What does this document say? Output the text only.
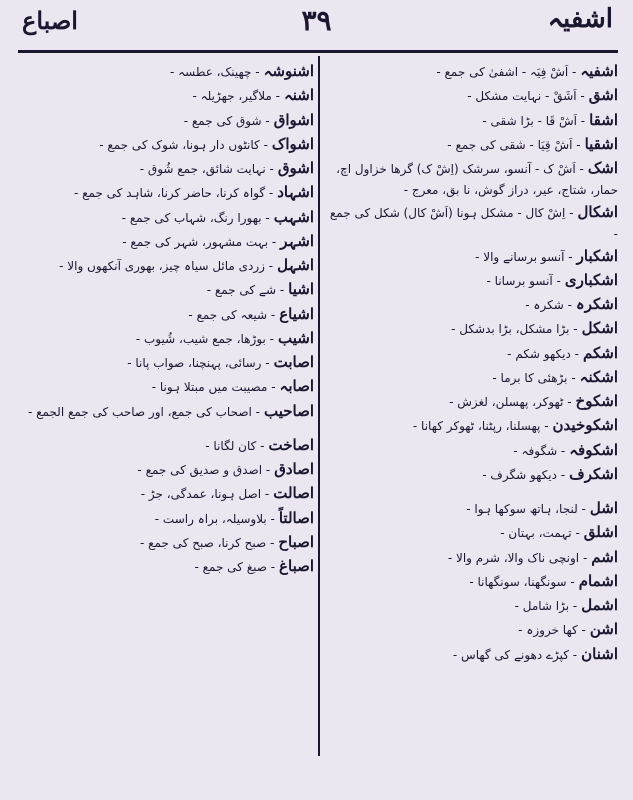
اصباع	۳۹	اشفیہ
اشفیہ- اَشْ فِیَہ - اشفیٰ کی جمع -
اشق- اَشَقْ - نہایت مشکل -
اشقا- اَشْ قَا - بڑا شقی -
اشقیا- اَشْ قِیَا - شقی کی جمع -
اشک- اَشْ ک - آنسو، سرشک (اِشْ ک) گرھا خزاول اچ، حمار، شتاج، عیر، دراز گوش، نا بق، معرج -
اشکال- اِشْ کال - مشکل ہونا (اَشْ کال) شکل کی جمع -
اشکبار- آنسو برسانے والا -
اشکباری- آنسو برسانا -
اشکرہ- شکرہ -
اشکل- بڑا مشکل، بڑا بدشکل -
اشکم- دیکھو شکم -
اشکنہ- بڑھئی کا برما -
اشکوخ- ٹھوکر، پھسلن، لغزش -
اشکوخیدن- پھسلنا، رپٹنا، ٹھوکر کھانا -
اشکوفہ- شگوفہ -
اشکرف- دیکھو شگرف -
اشل- لنجا، ہاتھ سوکھا ہوا -
اشلق- تہمت، بہتان -
اشم- اونچی ناک والا، شرم والا -
اشمام- سونگھنا، سونگھانا -
اشمل- بڑا شامل -
اشن- کھا خروزہ -
اشنان- کپڑے دھونے کی گھاس -
اشنوشہ- چھینک، عطسہ -
اشنہ- ملاگیر، جھڑیلہ -
اشواق- شوق کی جمع -
اشواک- کانٹوں دار ہونا، شوک کی جمع -
اشوق- نہایت شائق، جمع شُوق -
اشہاد- گواہ کرنا، حاضر کرنا، شاہد کی جمع -
اشہب- بھورا رنگ، شہاب کی جمع -
اشہر- بہت مشہور، شہر کی جمع -
اشہل- زردی مائل سیاہ چیز، بھوری آنکھوں والا -
اشیا- شے کی جمع -
اشیاع- شیعہ کی جمع -
اشیب- بوڑھا، جمع شیب، شُیوب -
اصابت- رسائی، پہنچنا، صواب پانا -
اصابہ- مصیبت میں مبتلا ہونا -
اصاحیب- اصحاب کی جمع، اور صاحب کی جمع الجمع -
اصاخت- کان لگانا -
اصادق- اصدق و صدیق کی جمع -
اصالت- اصل ہونا، عمدگی، جڑ -
اصالتاً- بلاوسیلہ، براہ راست -
اصباح- صبح کرنا، صبح کی جمع -
اصباغ- صبغ کی جمع -
